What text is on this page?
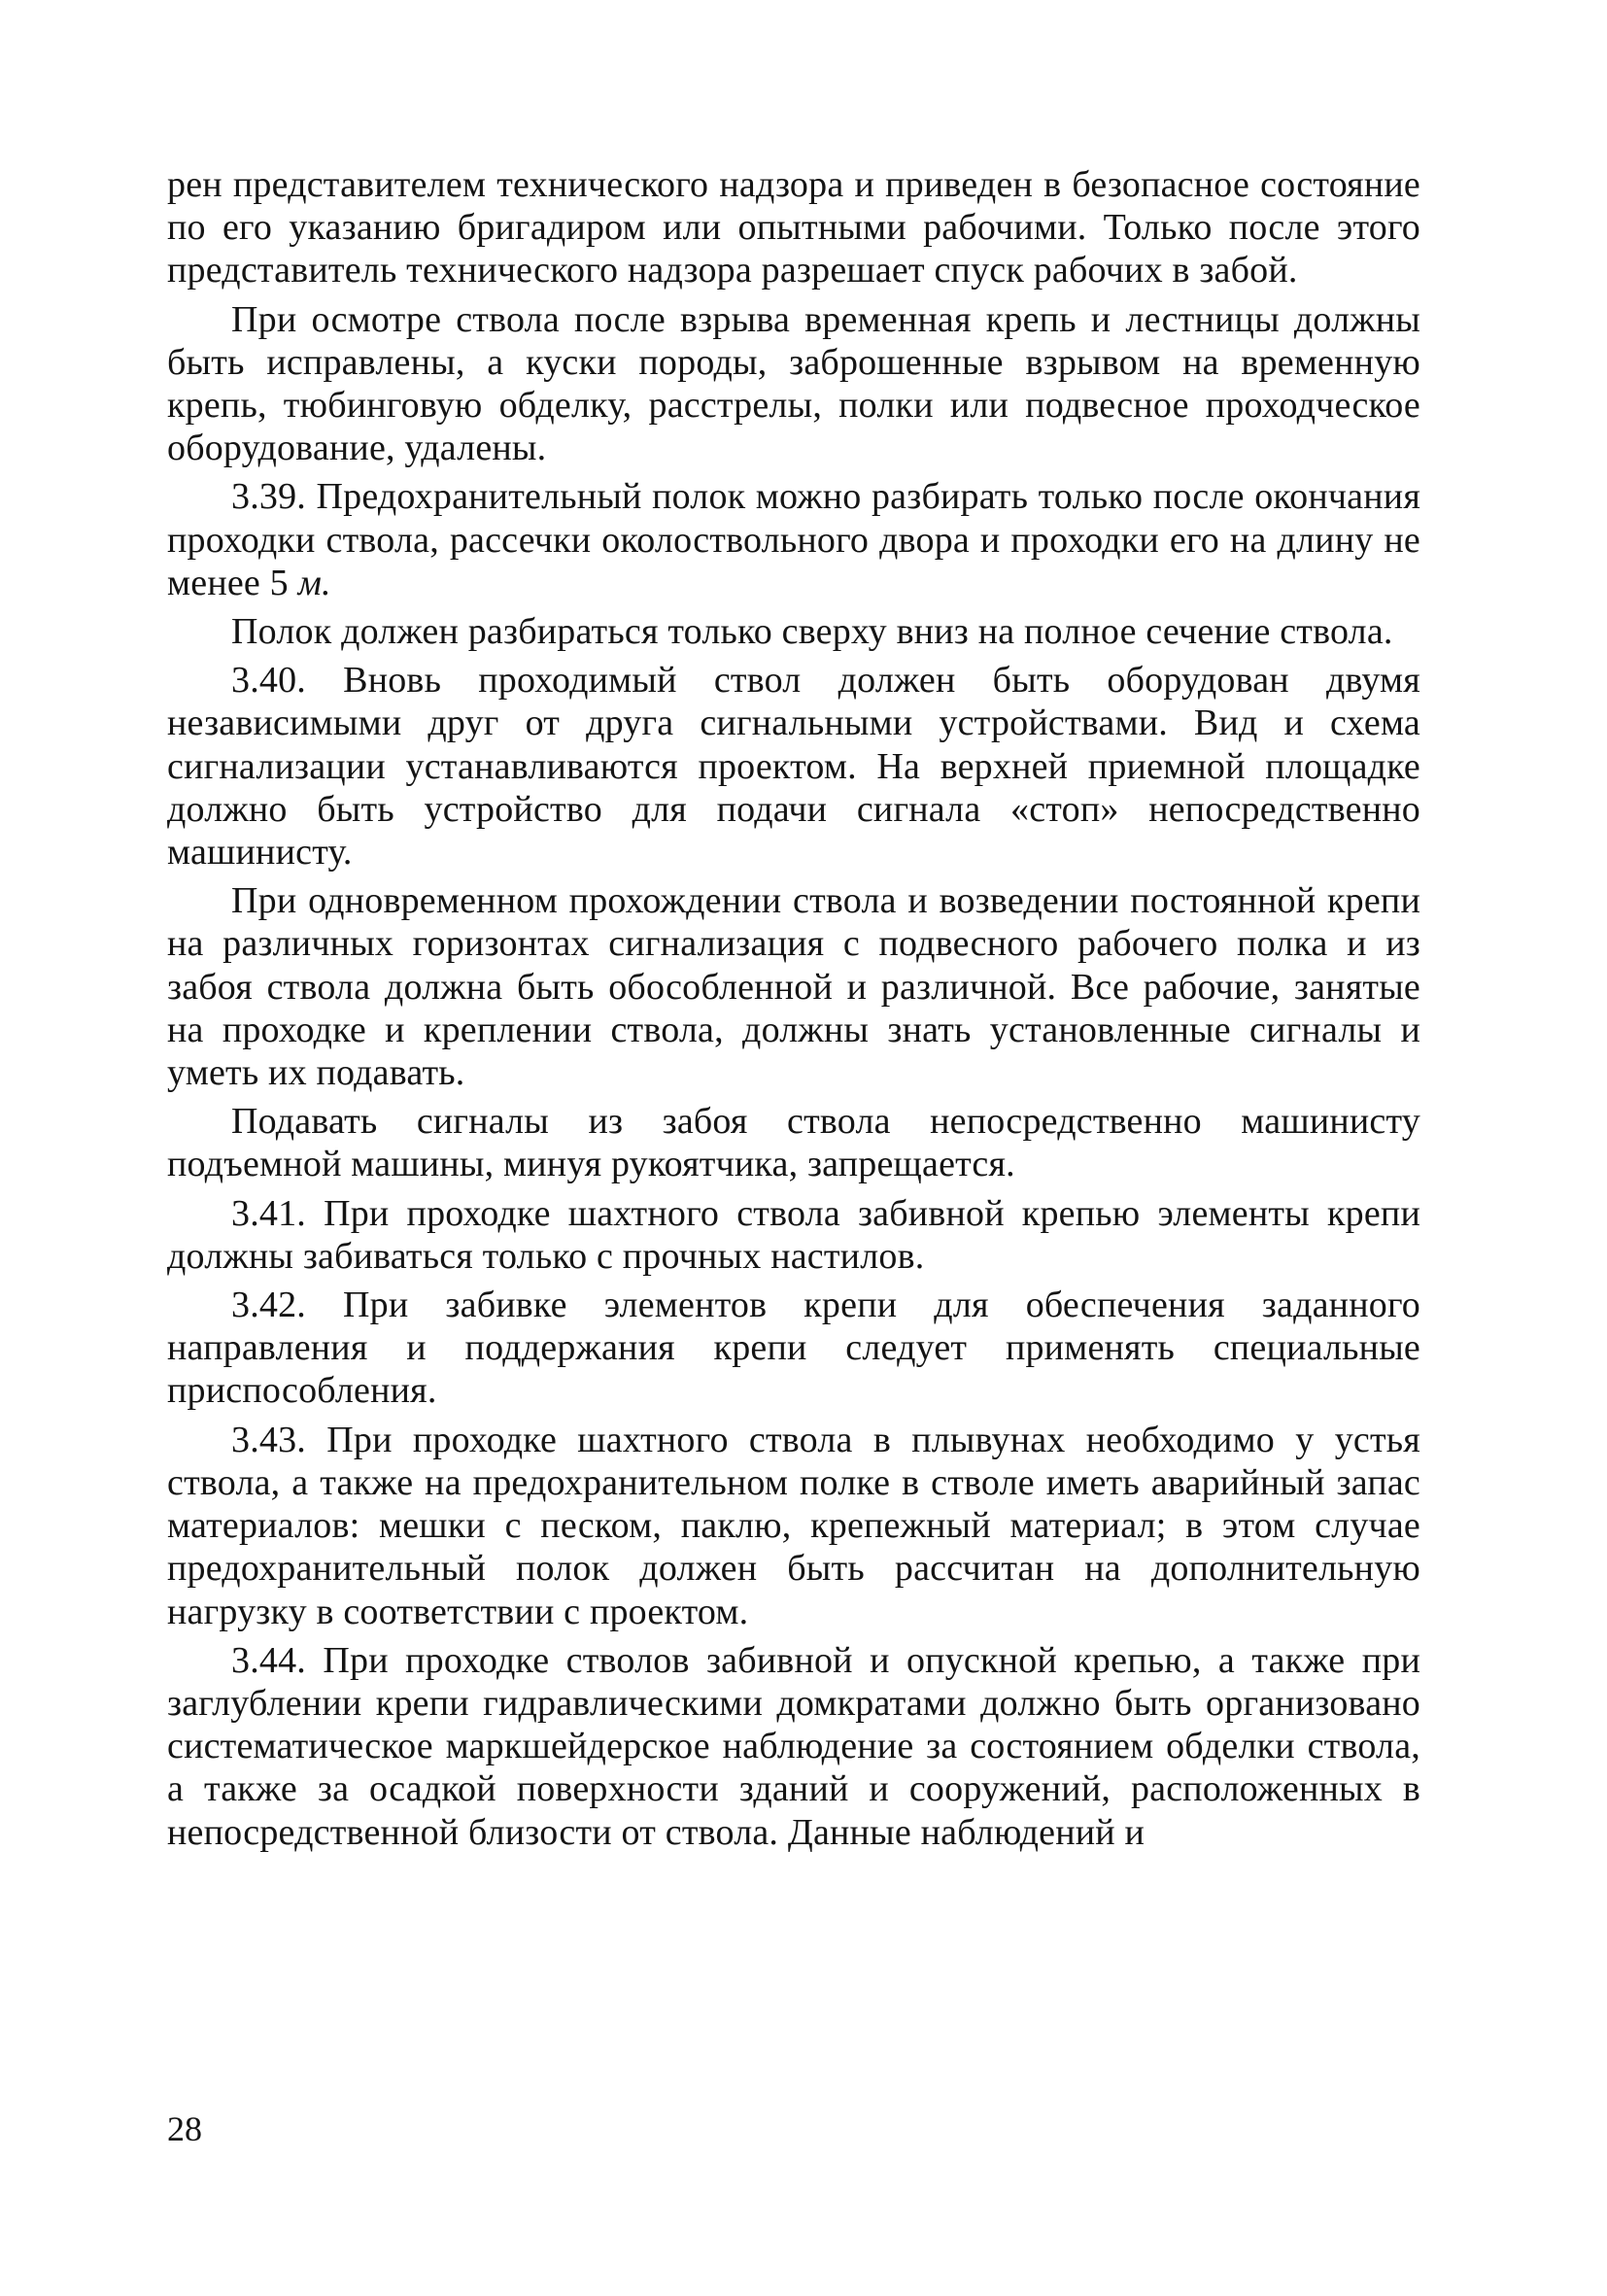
рен представителем технического надзора и приведен в безопасное состояние по его указанию бригадиром или опытными рабочими. Только после этого представитель технического надзора разрешает спуск рабочих в забой.

При осмотре ствола после взрыва временная крепь и лестницы должны быть исправлены, а куски породы, заброшенные взрывом на временную крепь, тюбинговую обделку, расстрелы, полки или подвесное проходческое оборудование, удалены.

3.39. Предохранительный полок можно разбирать только после окончания проходки ствола, рассечки околоствольного двора и проходки его на длину не менее 5 м.

Полок должен разбираться только сверху вниз на полное сечение ствола.

3.40. Вновь проходимый ствол должен быть оборудован двумя независимыми друг от друга сигнальными устройствами. Вид и схема сигнализации устанавливаются проектом. На верхней приемной площадке должно быть устройство для подачи сигнала «стоп» непосредственно машинисту.

При одновременном прохождении ствола и возведении постоянной крепи на различных горизонтах сигнализация с подвесного рабочего полка и из забоя ствола должна быть обособленной и различной. Все рабочие, занятые на проходке и креплении ствола, должны знать установленные сигналы и уметь их подавать.

Подавать сигналы из забоя ствола непосредственно машинисту подъемной машины, минуя рукоятчика, запрещается.

3.41. При проходке шахтного ствола забивной крепью элементы крепи должны забиваться только с прочных настилов.

3.42. При забивке элементов крепи для обеспечения заданного направления и поддержания крепи следует применять специальные приспособления.

3.43. При проходке шахтного ствола в плывунах необходимо у устья ствола, а также на предохранительном полке в стволе иметь аварийный запас материалов: мешки с песком, паклю, крепежный материал; в этом случае предохранительный полок должен быть рассчитан на дополнительную нагрузку в соответствии с проектом.

3.44. При проходке стволов забивной и опускной крепью, а также при заглублении крепи гидравлическими домкратами должно быть организовано систематическое маркшейдерское наблюдение за состоянием обделки ствола, а также за осадкой поверхности зданий и сооружений, расположенных в непосредственной близости от ствола. Данные наблюдений и

28
